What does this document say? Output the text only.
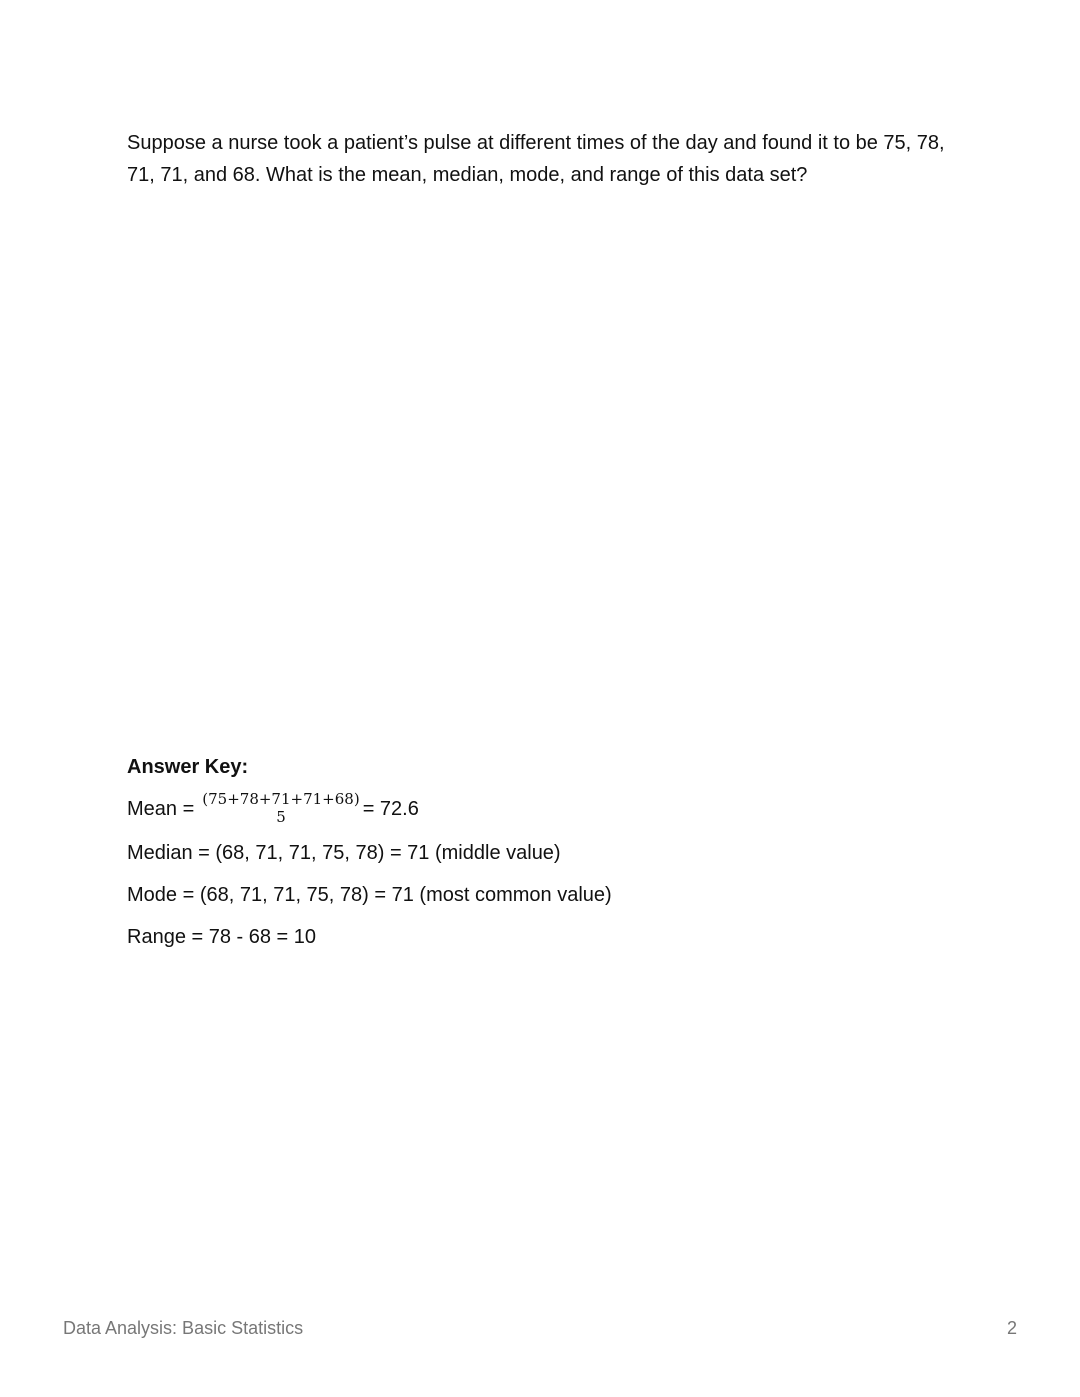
Suppose a nurse took a patient’s pulse at different times of the day and found it to be 75, 78, 71, 71, and 68. What is the mean, median, mode, and range of this data set?

Answer Key:

Mean = (75+78+71+71+68)
5	= 72.6

Median = (68, 71, 71, 75, 78) = 71 (middle value)

Mode = (68, 71, 71, 75, 78) = 71 (most common value)

Range = 78 - 68 = 10

Data Analysis: Basic Statistics	2
